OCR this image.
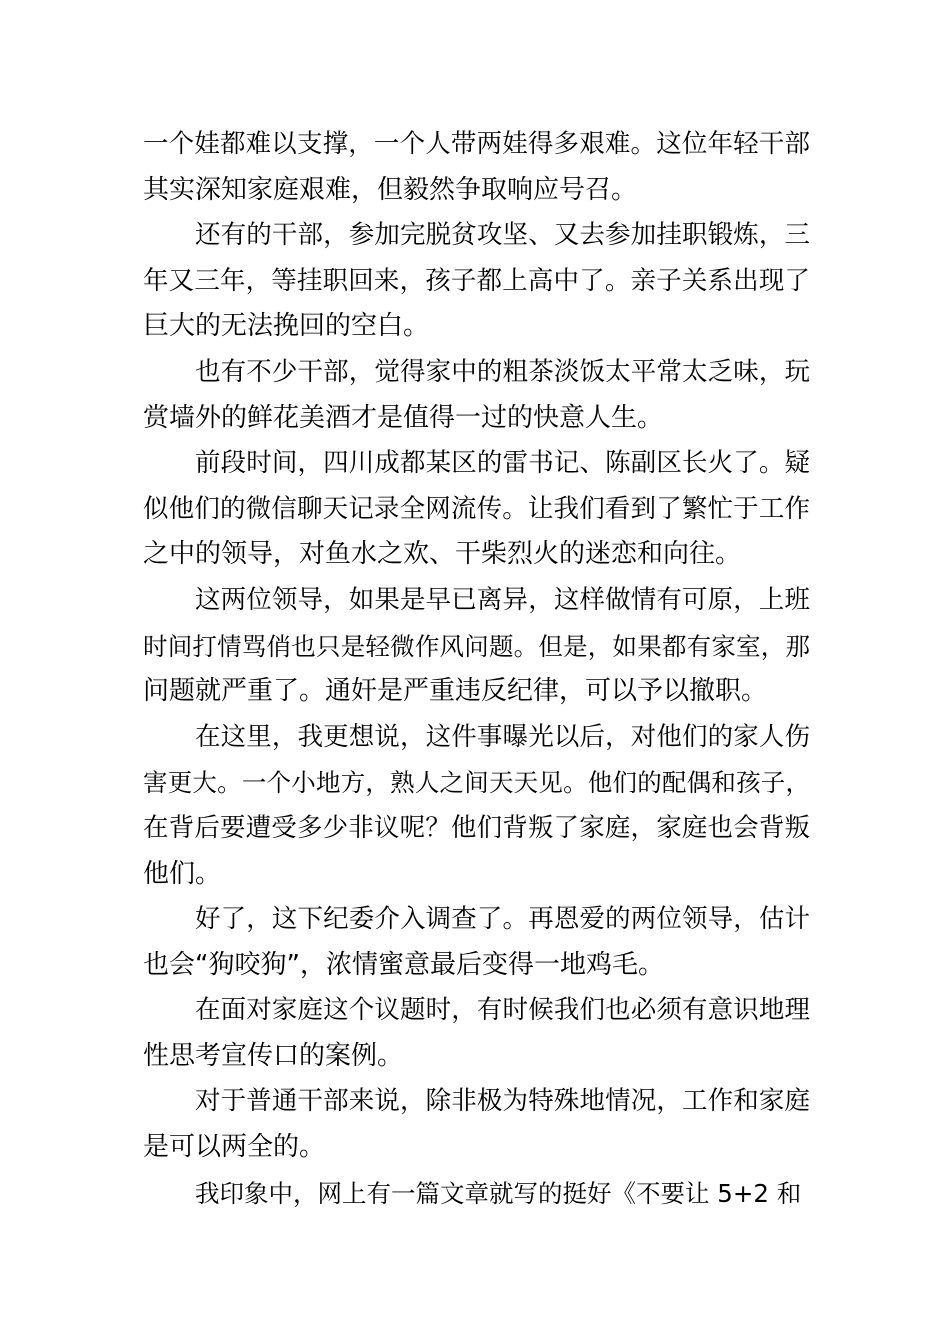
一个娃都难以支撑，一个人带两娃得多艰难。这位年轻干部
其实深知家庭艰难，但毅然争取响应号召。
还有的干部，参加完脱贫攻坚、又去参加挂职锻炼，三
年又三年，等挂职回来，孩子都上高中了。亲子关系出现了
巨大的无法挽回的空白。
也有不少干部，觉得家中的粗茶淡饭太平常太乏味，玩
赏墙外的鲜花美酒才是值得一过的快意人生。
前段时间，四川成都某区的雷书记、陈副区长火了。疑
似他们的微信聊天记录全网流传。让我们看到了繁忙于工作
之中的领导，对鱼水之欢、干柴烈火的迷恋和向往。
这两位领导，如果是早已离异，这样做情有可原，上班
时间打情骂俏也只是轻微作风问题。但是，如果都有家室，那
问题就严重了。通奸是严重违反纪律，可以予以撤职。
在这里，我更想说，这件事曝光以后，对他们的家人伤
害更大。一个小地方，熟人之间天天见。他们的配偶和孩子，
在背后要遭受多少非议呢？他们背叛了家庭，家庭也会背叛
他们。
好了，这下纪委介入调查了。再恩爱的两位领导，估计
也会“狗咬狗”，浓情蜜意最后变得一地鸡毛。
在面对家庭这个议题时，有时候我们也必须有意识地理
性思考宣传口的案例。
对于普通干部来说，除非极为特殊地情况，工作和家庭
是可以两全的。
我印象中，网上有一篇文章就写的挺好《不要让 5+2 和
